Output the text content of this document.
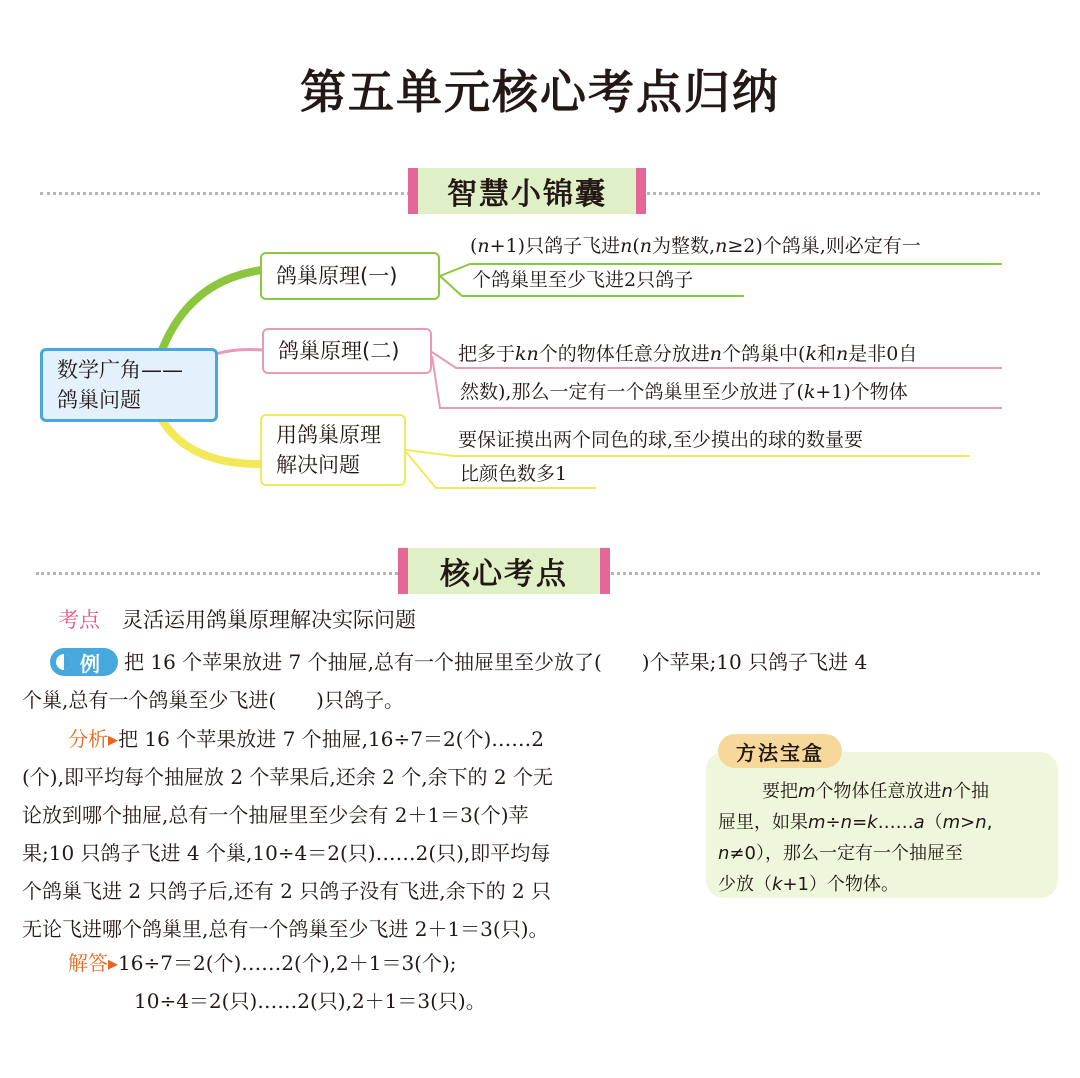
第五单元核心考点归纳
智慧小锦囊
数学广角——
鸽巢问题
鸽巢原理(一)
鸽巢原理(二)
用鸽巢原理
解决问题
(n+1)只鸽子飞进n(n为整数,n≥2)个鸽巢,则必定有一
个鸽巢里至少飞进2只鸽子
把多于kn个的物体任意分放进n个鸽巢中(k和n是非0自
然数),那么一定有一个鸽巢里至少放进了(k+1)个物体
要保证摸出两个同色的球,至少摸出的球的数量要
比颜色数多1
核心考点
考点 灵活运用鸽巢原理解决实际问题
例 把 16 个苹果放进 7 个抽屉,总有一个抽屉里至少放了(　　)个苹果;10 只鸽子飞进 4
个巢,总有一个鸽巢至少飞进(　　)只鸽子。
分析▸把 16 个苹果放进 7 个抽屉,16÷7＝2(个)……2
(个),即平均每个抽屉放 2 个苹果后,还余 2 个,余下的 2 个无
论放到哪个抽屉,总有一个抽屉里至少会有 2＋1＝3(个)苹
果;10 只鸽子飞进 4 个巢,10÷4＝2(只)……2(只),即平均每
个鸽巢飞进 2 只鸽子后,还有 2 只鸽子没有飞进,余下的 2 只
无论飞进哪个鸽巢里,总有一个鸽巢至少飞进 2＋1＝3(只)。
解答▸16÷7＝2(个)……2(个),2＋1＝3(个);
10÷4＝2(只)……2(只),2＋1＝3(只)。
方法宝盒
要把m个物体任意放进n个抽
屉里，如果m÷n=k……a（m>n,
n≠0），那么一定有一个抽屉至
少放（k+1）个物体。
